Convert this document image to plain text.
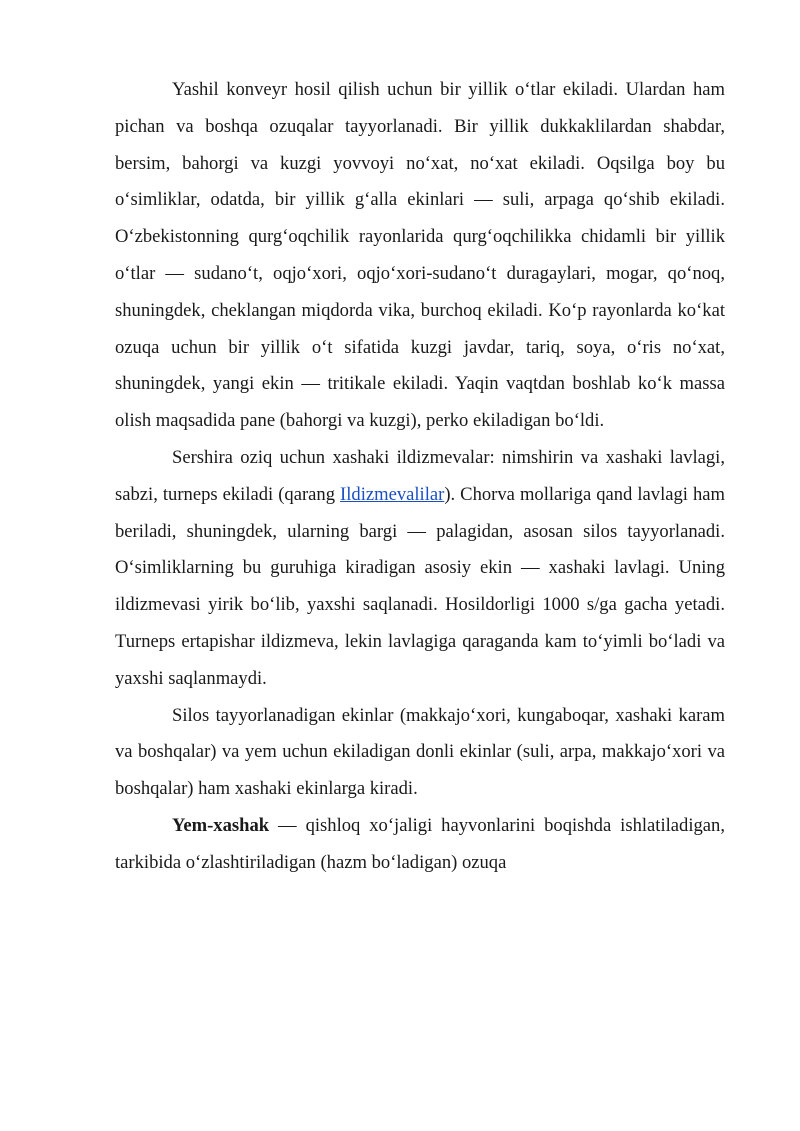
Yashil konveyr hosil qilish uchun bir yillik o‘tlar ekiladi. Ulardan ham pichan va boshqa ozuqalar tayyorlanadi. Bir yillik dukkaklilardan shabdar, bersim, bahorgi va kuzgi yovvoyi no‘xat, no‘xat ekiladi. Oqsilga boy bu o‘simliklar, odatda, bir yillik g‘alla ekinlari — suli, arpaga qo‘shib ekiladi. O‘zbekistonning qurg‘oqchilik rayonlarida qurg‘oqchilikka chidamli bir yillik o‘tlar — sudano‘t, oqjo‘xori, oqjo‘xori-sudano‘t duragaylari, mogar, qo‘noq, shuningdek, cheklangan miqdorda vika, burchoq ekiladi. Ko‘p rayonlarda ko‘kat ozuqa uchun bir yillik o‘t sifatida kuzgi javdar, tariq, soya, o‘ris no‘xat, shuningdek, yangi ekin — tritikale ekiladi. Yaqin vaqtdan boshlab ko‘k massa olish maqsadida pane (bahorgi va kuzgi), perko ekiladigan bo‘ldi.

Sershira oziq uchun xashaki ildizmevalar: nimshirin va xashaki lavlagi, sabzi, turneps ekiladi (qarang Ildizmevalilar). Chorva mollariga qand lavlagi ham beriladi, shuningdek, ularning bargi — palagidan, asosan silos tayyorlanadi. O‘simliklarning bu guruhiga kiradigan asosiy ekin — xashaki lavlagi. Uning ildizmevasi yirik bo‘lib, yaxshi saqlanadi. Hosildorligi 1000 s/ga gacha yetadi. Turneps ertapishar ildizmeva, lekin lavlagiga qaraganda kam to‘yimli bo‘ladi va yaxshi saqlanmaydi.

Silos tayyorlanadigan ekinlar (makkajo‘xori, kungaboqar, xashaki karam va boshqalar) va yem uchun ekiladigan donli ekinlar (suli, arpa, makkajo‘xori va boshqalar) ham xashaki ekinlarga kiradi.

Yem-xashak — qishloq xo‘jaligi hayvonlarini boqishda ishlatiladigan, tarkibida o‘zlashtiriladigan (hazm bo‘ladigan) ozuqa
